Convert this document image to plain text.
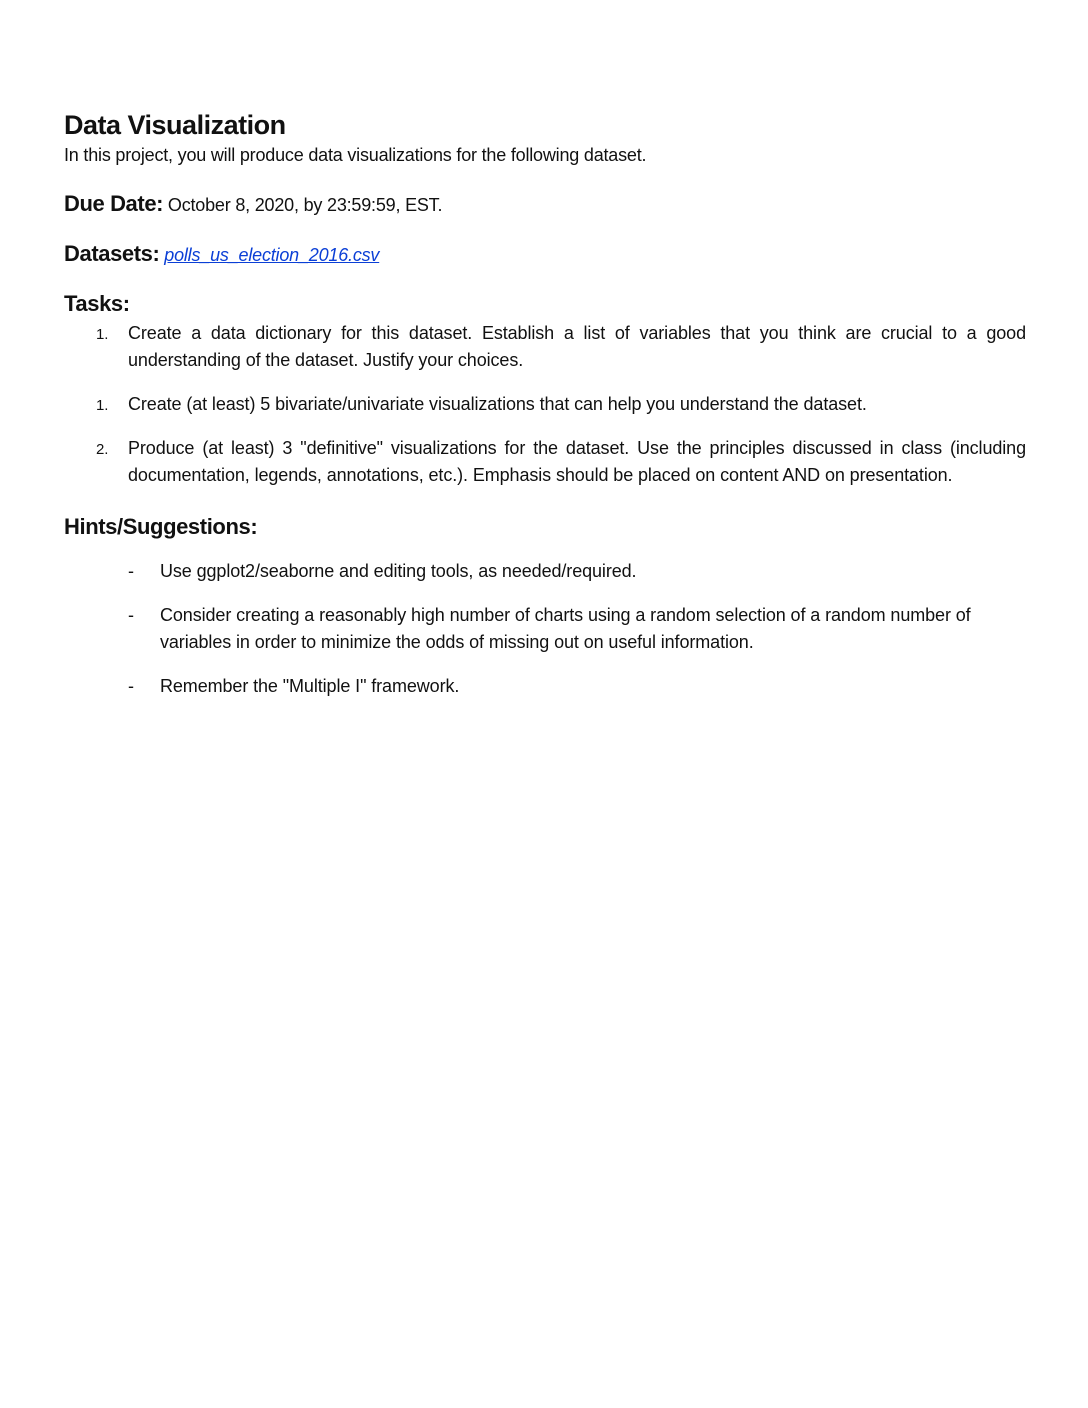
Data Visualization

In this project, you will produce data visualizations for the following dataset.

Due Date: October 8, 2020, by 23:59:59, EST.

Datasets: polls_us_election_2016.csv

Tasks:
1. Create a data dictionary for this dataset. Establish a list of variables that you think are crucial to a good understanding of the dataset. Justify your choices.
1. Create (at least) 5 bivariate/univariate visualizations that can help you understand the dataset.
2. Produce (at least) 3 "definitive" visualizations for the dataset. Use the principles discussed in class (including documentation, legends, annotations, etc.). Emphasis should be placed on content AND on presentation.
Hints/Suggestions:
- Use ggplot2/seaborne and editing tools, as needed/required.
- Consider creating a reasonably high number of charts using a random selection of a random number of variables in order to minimize the odds of missing out on useful information.
- Remember the "Multiple I" framework.
